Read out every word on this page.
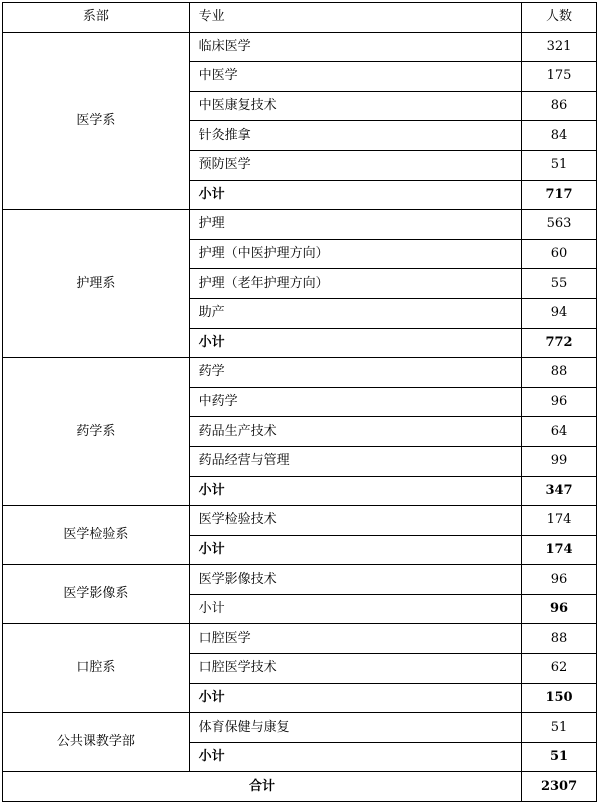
系部	专业	人数
医学系	临床医学	321
	中医学	175
	中医康复技术	86
	针灸推拿	84
	预防医学	51
	小计	717
护理系	护理	563
	护理（中医护理方向）	60
	护理（老年护理方向）	55
	助产	94
	小计	772
药学系	药学	88
	中药学	96
	药品生产技术	64
	药品经营与管理	99
	小计	347
医学检验系	医学检验技术	174
	小计	174
医学影像系	医学影像技术	96
	小计	96
口腔系	口腔医学	88
	口腔医学技术	62
	小计	150
公共课教学部	体育保健与康复	51
	小计	51
合计		2307
